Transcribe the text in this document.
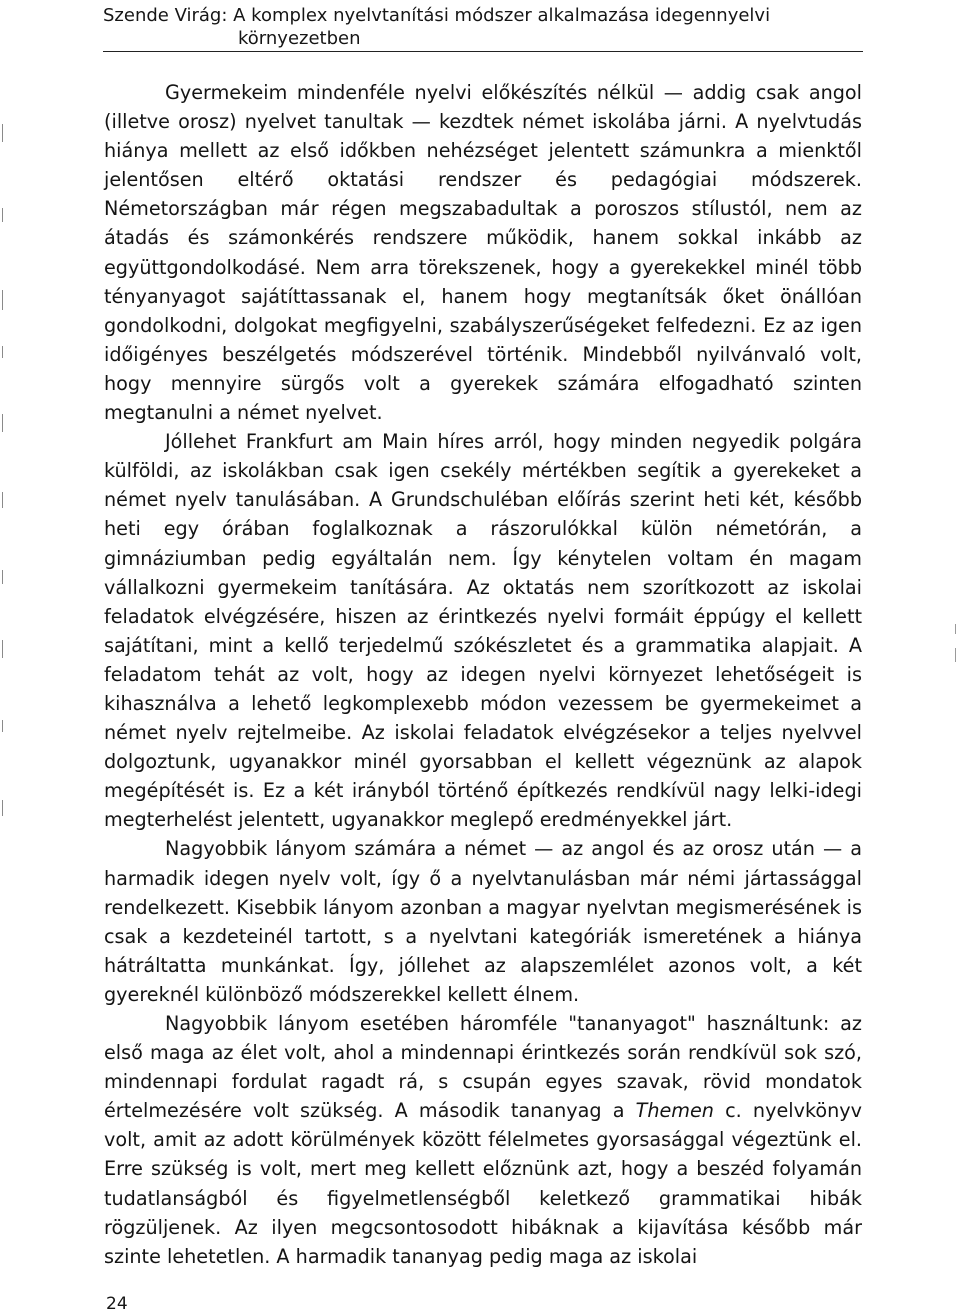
Szende Virág: A komplex nyelvtanítási módszer alkalmazása idegennyelvi
környezetben

Gyermekeim mindenféle nyelvi előkészítés nélkül — addig csak angol (illetve orosz) nyelvet tanultak — kezdtek német iskolába járni. A nyelvtudás hiánya mellett az első időkben nehézséget jelentett számunkra a mienktől jelentősen eltérő oktatási rendszer és pedagógiai módszerek. Németországban már régen megszabadultak a poroszos stílustól, nem az átadás és számonkérés rendszere működik, hanem sokkal inkább az együttgondolkodásé. Nem arra törekszenek, hogy a gyerekekkel minél több tényanyagot sajátíttassanak el, hanem hogy megtanítsák őket önállóan gondolkodni, dolgokat megfigyelni, szabályszerűségeket felfedezni. Ez az igen időigényes beszélgetés módszerével történik. Mindebből nyilvánvaló volt, hogy mennyire sürgős volt a gyerekek számára elfogadható szinten megtanulni a német nyelvet.

Jóllehet Frankfurt am Main híres arról, hogy minden negyedik polgára külföldi, az iskolákban csak igen csekély mértékben segítik a gyerekeket a német nyelv tanulásában. A Grundschuléban előírás szerint heti két, később heti egy órában foglalkoznak a rászorulókkal külön németórán, a gimnáziumban pedig egyáltalán nem. Így kénytelen voltam én magam vállalkozni gyermekeim tanítására. Az oktatás nem szorítkozott az iskolai feladatok elvégzésére, hiszen az érintkezés nyelvi formáit éppúgy el kellett sajátítani, mint a kellő terjedelmű szókészletet és a grammatika alapjait. A feladatom tehát az volt, hogy az idegen nyelvi környezet lehetőségeit is kihasználva a lehető legkomplexebb módon vezessem be gyermekeimet a német nyelv rejtelmeibe. Az iskolai feladatok elvégzésekor a teljes nyelvvel dolgoztunk, ugyanakkor minél gyorsabban el kellett végeznünk az alapok megépítését is. Ez a két irányból történő építkezés rendkívül nagy lelki-idegi megterhelést jelentett, ugyanakkor meglepő eredményekkel járt.

Nagyobbik lányom számára a német — az angol és az orosz után — a harmadik idegen nyelv volt, így ő a nyelvtanulásban már némi jártassággal rendelkezett. Kisebbik lányom azonban a magyar nyelvtan megismerésének is csak a kezdeteinél tartott, s a nyelvtani kategóriák ismeretének a hiánya hátráltatta munkánkat. Így, jóllehet az alapszemlélet azonos volt, a két gyereknél különböző módszerekkel kellett élnem.

Nagyobbik lányom esetében háromféle "tananyagot" használtunk: az első maga az élet volt, ahol a mindennapi érintkezés során rendkívül sok szó, mindennapi fordulat ragadt rá, s csupán egyes szavak, rövid mondatok értelmezésére volt szükség. A második tananyag a Themen c. nyelvkönyv volt, amit az adott körülmények között félelmetes gyorsasággal végeztünk el. Erre szükség is volt, mert meg kellett előznünk azt, hogy a beszéd folyamán tudatlanságból és figyelmetlenségből keletkező grammatikai hibák rögzüljenek. Az ilyen megcsontosodott hibáknak a kijavítása később már szinte lehetetlen. A harmadik tananyag pedig maga az iskolai

24
